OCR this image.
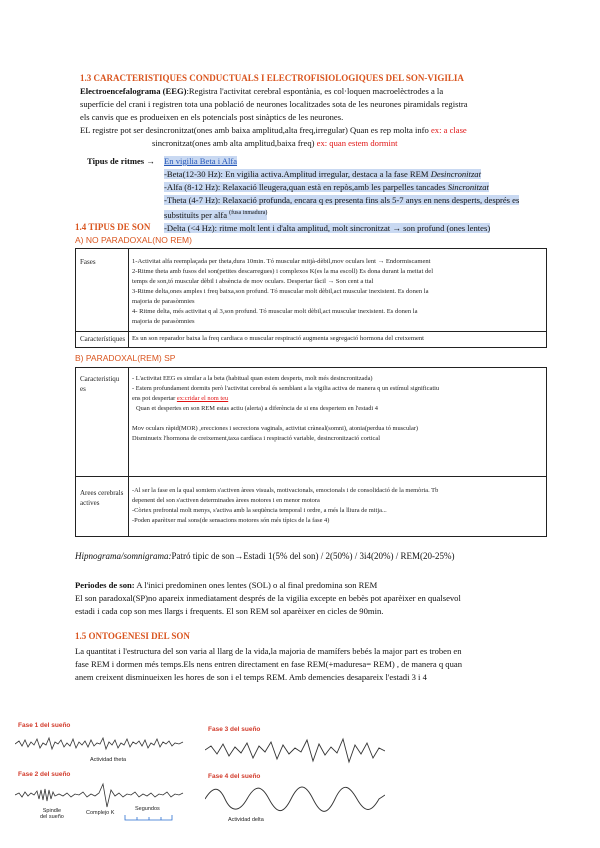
1.3 CARACTERISTIQUES CONDUCTUALS I ELECTROFISIOLOGIQUES DEL SON-VIGILIA
Electroencefalograma (EEG):Registra l'activitat cerebral espontània, es col·loquen macroelèctrodes a la
superfície del crani i registren tota una població de neurones localitzades sota de les neurones piramidals registra
els canvis que es produeixen en els potencials post sinàptics de les neurones.
EL registre pot ser desincronitzat(ones amb baixa amplitud,alta freq,irregular) Quan es rep molta info ex: a clase
sincronitzat(ones amb alta amplitud,baixa freq) ex: quan estem dormint
Tipus de ritmes → En vigilia Beta i Alfa
-Beta(12-30 Hz): En vigilia activa.Amplitud irregular, destaca a la fase REM Desincronitzat
-Alfa (8-12 Hz): Relaxació lleugera,quan està en repòs,amb les parpelles tancades Sincronitzat
-Theta (4-7 Hz): Relaxació profunda, encara q es presenta fins als 5-7 anys en nens desperts, després es
substituïts per alfa $^{(fusa inmadura)}$
-Delta (<4 Hz): ritme molt lent i d'alta amplitud, molt sincronitzat → son profund (ones lentes)
1.4 TIPUS DE SON
A) NO PARADOXAL(NO REM)
Fases	1-Activitat alfa reemplaçada per theta,dura 10min. Tó muscular mitjà-dèbil,mov oculars lent → Endormiscament
2-Ritme theta amb fusos del son(petites descarregues) i complexos K(es la ma escoll) Es dona durant la meitat del
temps de son,tó muscular dèbil i absència de mov oculars. Despertar fàcil → Son cent a ttal
3-Ritme delta,ones amples i freq baixa,son profund. Tó muscular molt dèbil,act muscular inexistent. Es donen la
majoria de parasòmnies
4- Ritme delta, més activitat q al 3,son profund. Tó muscular molt dèbil,act muscular inexistent. Es donen la
majoria de parasòmnies
Característiques Es un son reparador baixa la freq cardiaca o muscular respiració augmenta segregació hormona del creixement
B) PARADOXAL(REM) SP
Caracteristiqu
es
- L'activitat EEG es similar a la beta (habitual quan estem desperts, molt més desincronitzada)
- Estem profundament dormits però l'activitat cerebral és semblant a la vigilia activa de manera q un estímul significatiu
ens pot despertar ex:cridar el nom teu
Quan et despertes en son REM estas actiu (alerta) a diferència de si ens despertem en l'estadi 4
Mov oculars ràpid(MOR) ,erecciones i secrecions vaginals, activitat cràneal(somni), atonia(perdua tó muscular)
Disminueix l'hormona de creixement,taxa cardíaca i respiració variable, desincronització cortical
Arees cerebrals
actives
-Al ser la fase en la qual somiem s'activen àrees visuals, motivacionals, emocionals i de consolidació de la memòria. Tb
depenent del son s'activen determinades àrees motores i en menor motora
-Còrtex prefrontal molt menys, s'activa amb la seqüència temporal i ordre, a més la lliura de mitja...
-Poden aparèixer mal sons(de sensacions motores són més típics de la fase 4)
Hipnograma/somnigrama:Patró tipic de son→Estadi 1(5% del son) / 2(50%) / 3i4(20%) / REM(20-25%)
Periodes de son: A l'inici predominen ones lentes (SOL) o al final predomina son REM
El son paradoxal(SP)no apareix inmediatament després de la vigilia excepte en bebès pot aparèixer en qualsevol
estadi i cada cop son mes llargs i frequents. El son REM sol aparèixer en cicles de 90min.
1.5 ONTOGENESI DEL SON
La quantitat i l'estructura del son varia al llarg de la vida,la majoria de mamífers bebés la major part es troben en
fase REM i dormen més temps.Els nens entren directament en fase REM(+maduresa= REM) , de manera q quan
anem creixent disminueixen les hores de son i el temps REM. Amb demencies desapareix l'estadi 3 i 4
Fase 1 del sueño
Actividad theta
Fase 2 del sueño
Spindle
del sueño
Complejo K
Segundos
Fase 3 del sueño
Fase 4 del sueño
Actividad delta
